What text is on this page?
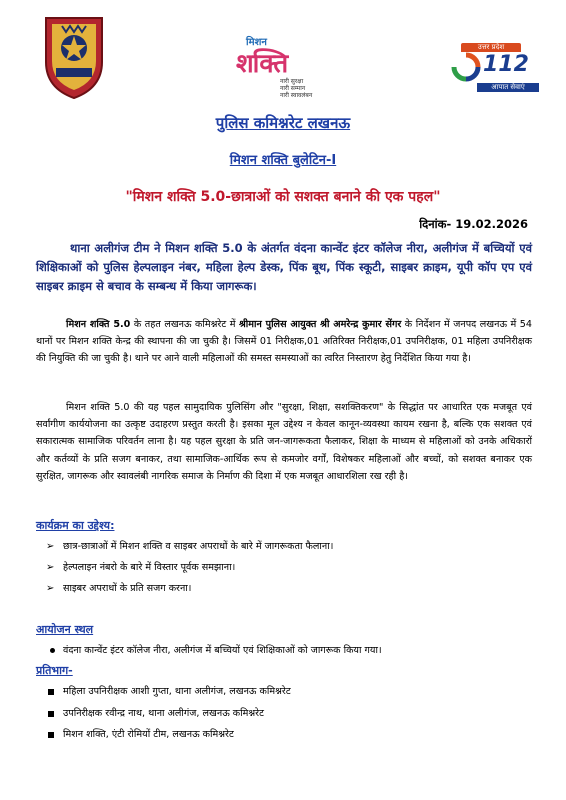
मिशन
शक्ति
नारी सुरक्षा
नारी सम्मान
नारी स्वावलंबन
उत्तर प्रदेश
112
आपात सेवाएं
पुलिस कमिश्नरेट लखनऊ
मिशन शक्ति बुलेटिन-I
"मिशन शक्ति 5.0-छात्राओं को सशक्त बनाने की एक पहल"
दिनांक- 19.02.2026
थाना अलीगंज टीम ने मिशन शक्ति 5.0 के अंतर्गत वंदना कान्वेंट इंटर कॉलेज नीरा, अलीगंज में बच्चियों एवं शिक्षिकाओं को पुलिस हेल्पलाइन नंबर, महिला हेल्प डेस्क, पिंक बूथ, पिंक स्कूटी, साइबर क्राइम, यूपी कॉप एप एवं साइबर क्राइम से बचाव के सम्बन्ध में किया जागरूक।
मिशन शक्ति 5.0 के तहत लखनऊ कमिश्नरेट में श्रीमान पुलिस आयुक्त श्री अमरेन्द्र कुमार सेंगर के निर्देशन में जनपद लखनऊ में 54 थानों पर मिशन शक्ति केन्द्र की स्थापना की जा चुकी है। जिसमें 01 निरीक्षक,01 अतिरिक्त निरीक्षक,01 उपनिरीक्षक, 01 महिला उपनिरीक्षक की नियुक्ति की जा चुकी है। थाने पर आने वाली महिलाओं की समस्त समस्याओं का त्वरित निस्तारण हेतु निर्देशित किया गया है।
मिशन शक्ति 5.0 की यह पहल सामुदायिक पुलिसिंग और "सुरक्षा, शिक्षा, सशक्तिकरण" के सिद्धांत पर आधारित एक मजबूत एवं सर्वांगीण कार्ययोजना का उत्कृष्ट उदाहरण प्रस्तुत करती है। इसका मूल उद्देश्य न केवल कानून-व्यवस्था कायम रखना है, बल्कि एक सशक्त एवं सकारात्मक सामाजिक परिवर्तन लाना है। यह पहल सुरक्षा के प्रति जन-जागरूकता फैलाकर, शिक्षा के माध्यम से महिलाओं को उनके अधिकारों और कर्तव्यों के प्रति सजग बनाकर, तथा सामाजिक-आर्थिक रूप से कमजोर वर्गों, विशेषकर महिलाओं और बच्चों, को सशक्त बनाकर एक सुरक्षित, जागरूक और स्वावलंबी नागरिक समाज के निर्माण की दिशा में एक मजबूत आधारशिला रख रही है।
कार्यक्रम का उद्देश्य:
➢ छात्र-छात्राओं में मिशन शक्ति व साइबर अपराधों के बारे में जागरूकता फैलाना।
➢ हेल्पलाइन नंबरो के बारे में विस्तार पूर्वक समझाना।
➢ साइबर अपराधों के प्रति सजग करना।
आयोजन स्थल
वंदना कान्वेंट इंटर कॉलेज नीरा, अलीगंज में बच्चियों एवं शिक्षिकाओं को जागरूक किया गया।
प्रतिभाग-
महिला उपनिरीक्षक आशी गुप्ता, थाना अलीगंज, लखनऊ कमिश्नरेट
उपनिरीक्षक रवीन्द्र नाथ, थाना अलीगंज, लखनऊ कमिश्नरेट
मिशन शक्ति, एंटी रोमियों टीम, लखनऊ कमिश्नरेट
